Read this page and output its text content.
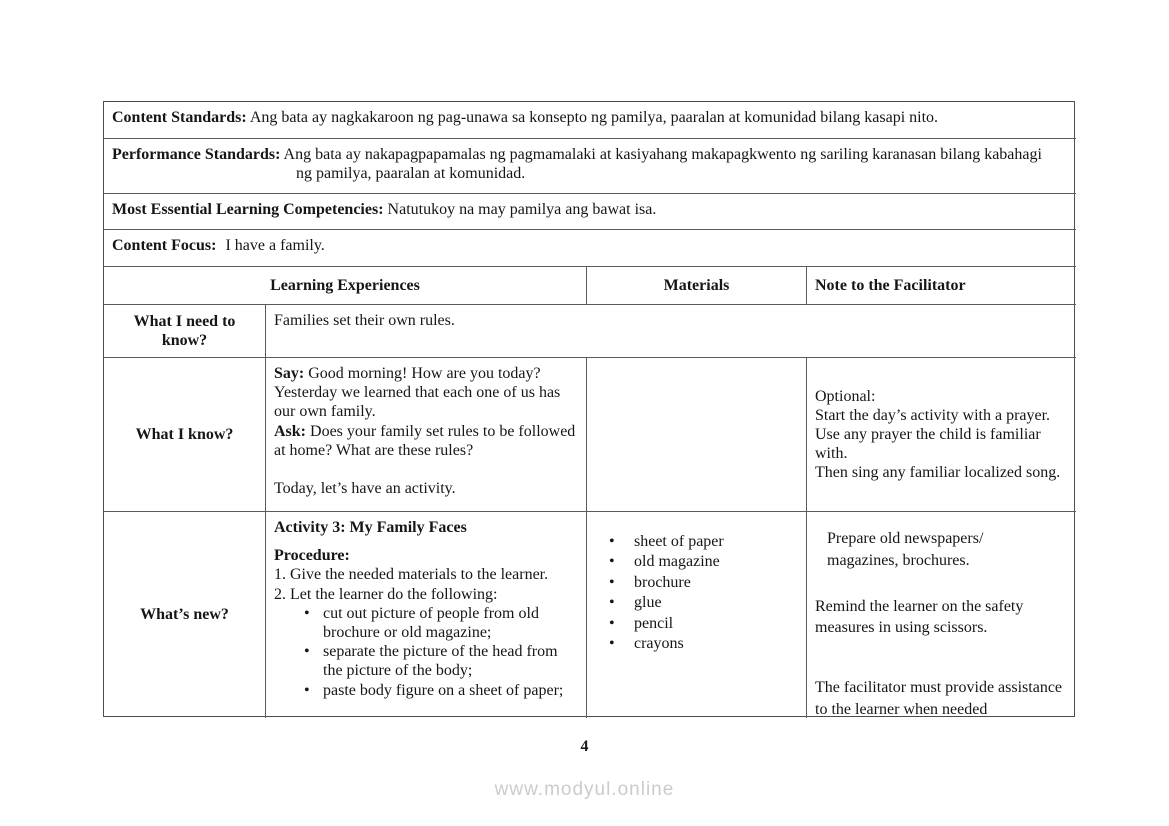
Content Standards: Ang bata ay nagkakaroon ng pag-unawa sa konsepto ng pamilya, paaralan at komunidad bilang kasapi nito.
Performance Standards: Ang bata ay nakapagpapamalas ng pagmamalaki at kasiyahang makapagkwento ng sariling karanasan bilang kabahagi
ng pamilya, paaralan at komunidad.
Most Essential Learning Competencies: Natutukoy na may pamilya ang bawat isa.
Content Focus: I have a family.
Learning Experiences	Materials	Note to the Facilitator
What I need to know?
Families set their own rules.
What I know?
Say: Good morning! How are you today? Yesterday we learned that each one of us has our own family.
Ask: Does your family set rules to be followed at home? What are these rules?
Today, let’s have an activity.
Optional:
Start the day’s activity with a prayer.
Use any prayer the child is familiar with.
Then sing any familiar localized song.
What’s new?
Activity 3: My Family Faces
Procedure:
1. Give the needed materials to the learner.
2. Let the learner do the following:
• cut out picture of people from old brochure or old magazine;
• separate the picture of the head from the picture of the body;
• paste body figure on a sheet of paper;
• sheet of paper
• old magazine
• brochure
• glue
• pencil
• crayons

Prepare old newspapers/ magazines, brochures.

Remind the learner on the safety measures in using scissors.

The facilitator must provide assistance to the learner when needed

4
www.modyul.online
